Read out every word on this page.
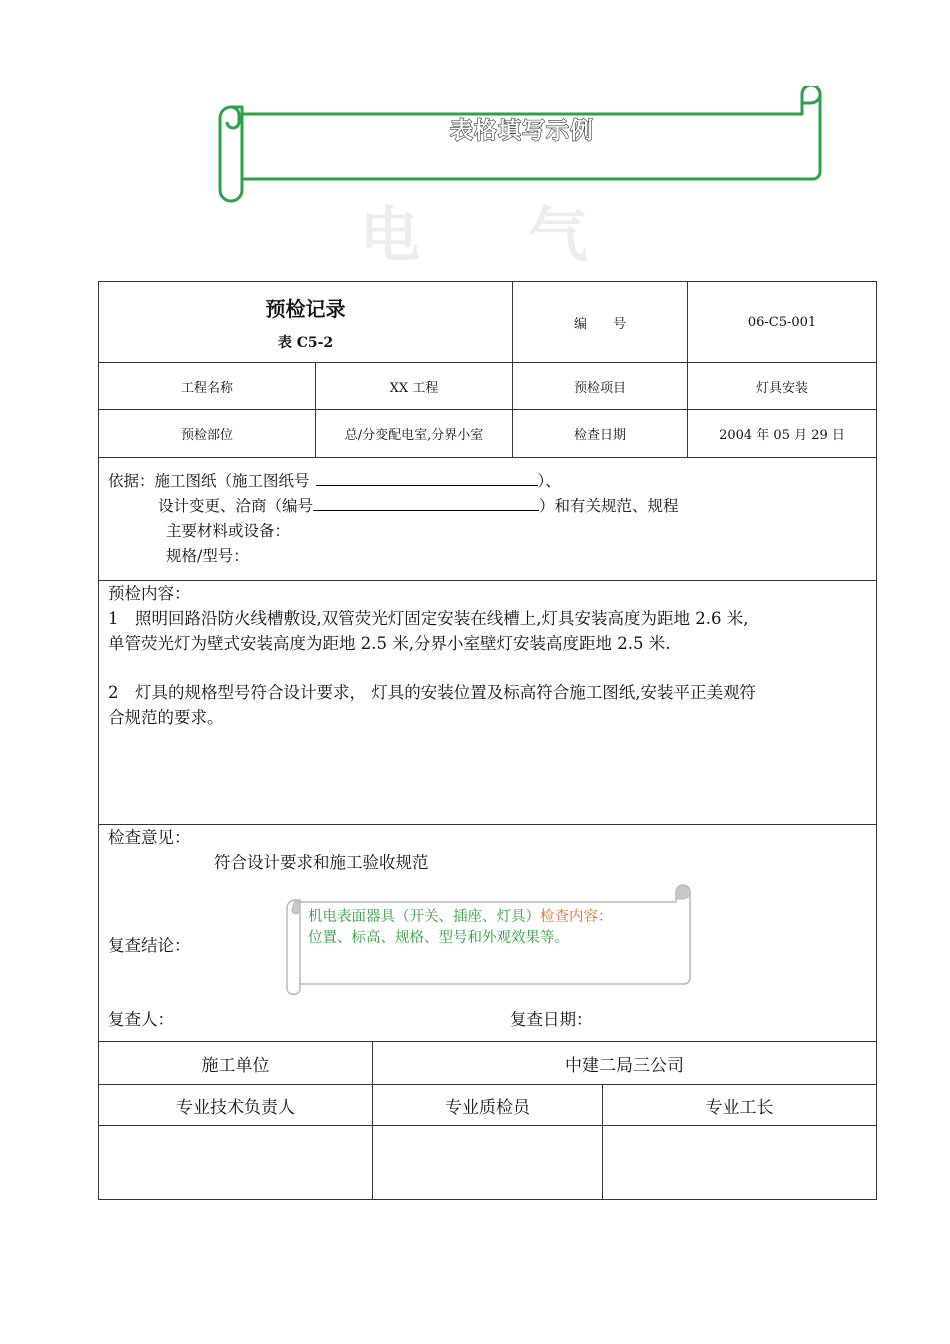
表格填写示例
电 气
预检记录
表 C5-2			编　　号		06-C5-001
工程名称	XX 工程		预检项目		灯具安装
预检部位	总/分变配电室,分界小室		检查日期		2004 年 05 月 29 日

施工单位		中建二局三公司			
专业技术负责人		专业质检员		专业工长	

依据：施工图纸（施工图纸号	）、
设计变更、洽商（编号	）和有关规范、规程
主要材料或设备：
规格/型号：
预检内容：
1　照明回路沿防火线槽敷设,双管荧光灯固定安装在线槽上,灯具安装高度为距地 2.6 米,
单管荧光灯为壁式安装高度为距地 2.5 米,分界小室壁灯安装高度距地 2.5 米.
2　灯具的规格型号符合设计要求， 灯具的安装位置及标高符合施工图纸,安装平正美观符
合规范的要求。
检查意见：
符合设计要求和施工验收规范
复查结论：
复查人：	复查日期：
机电表面器具（开关、插座、灯具）检查内容：
位置、标高、规格、型号和外观效果等。
